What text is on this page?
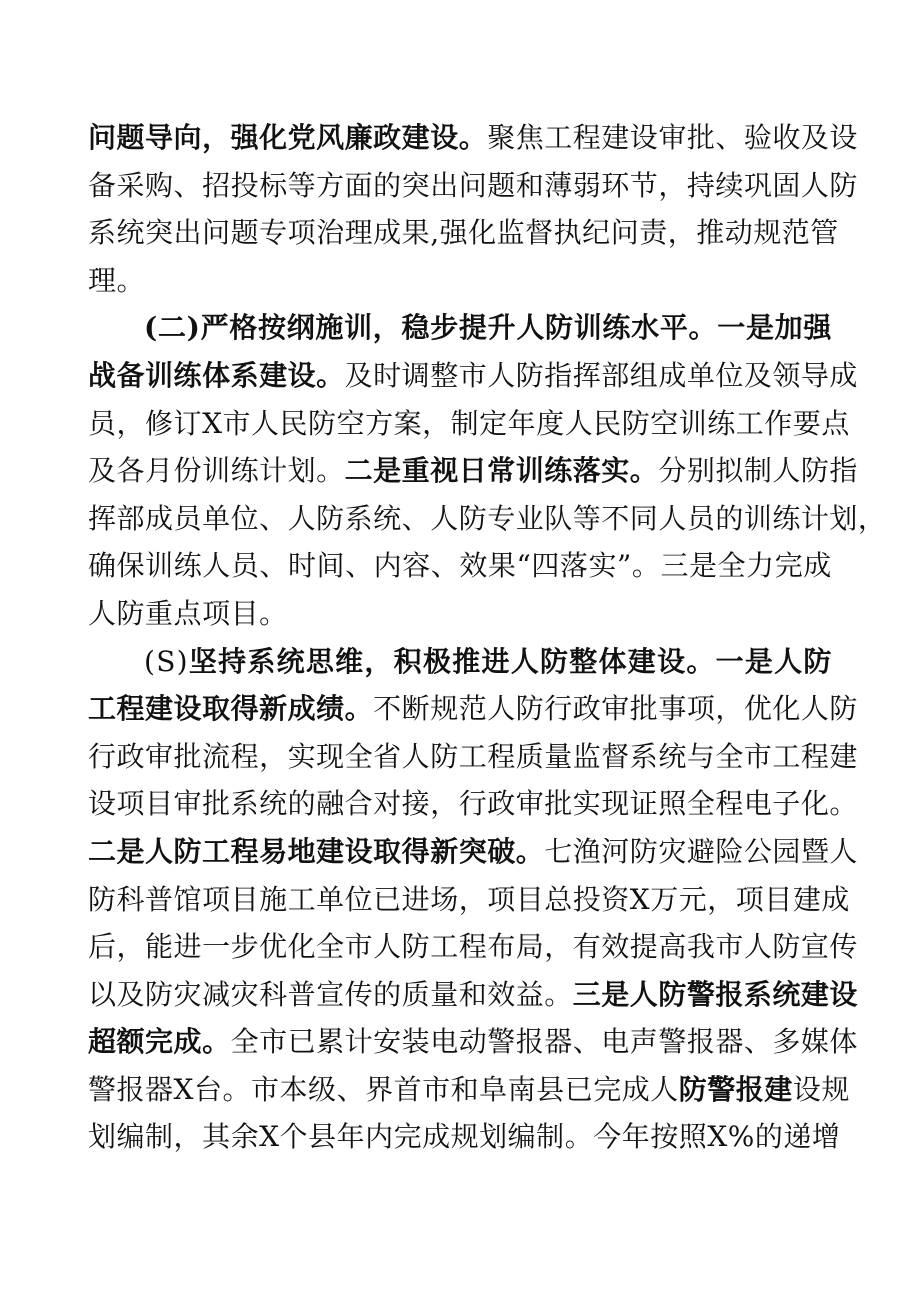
问 题 导 向 ， 强 化 党 风 廉 政 建 设 。 聚 焦 工 程 建 设 审 批 、 验 收 及 设
备 采 购 、 招 投 标 等 方 面 的 突 出 问 题 和 薄 弱 环 节 ， 持 续 巩 固 人 防
系 统 突 出 问 题 专 项 治 理 成 果 , 强 化 监 督 执 纪 问 责 ， 推 动 规 范 管
理 。
( 二 ) 严 格 按 纲 施 训 ， 稳 步 提 升 人 防 训 练 水 平 。 一 是 加 强
战 备 训 练 体 系 建 设 。 及 时 调 整 市 人 防 指 挥 部 组 成 单 位 及 领 导 成
员 ， 修 订 X 市 人 民 防 空 方 案 ， 制 定 年 度 人 民 防 空 训 练 工 作 要 点
及 各 月 份 训 练 计 划 。 二 是 重 视 日 常 训 练 落 实 。 分 别 拟 制 人 防 指
挥 部 成 员 单 位 、 人 防 系 统 、 人 防 专 业 队 等 不 同 人 员 的 训 练 计 划 ，
确 保 训 练 人 员 、 时 间 、 内 容 、 效 果 “ 四 落 实 ” 。 三 是 全 力 完 成
人 防 重 点 项 目 。
( S ) 坚 持 系 统 思 维 ， 积 极 推 进 人 防 整 体 建 设 。 一 是 人 防
工 程 建 设 取 得 新 成 绩 。 不 断 规 范 人 防 行 政 审 批 事 项 ， 优 化 人 防
行 政 审 批 流 程 ， 实 现 全 省 人 防 工 程 质 量 监 督 系 统 与 全 市 工 程 建
设 项 目 审 批 系 统 的 融 合 对 接 ， 行 政 审 批 实 现 证 照 全 程 电 子 化 。
二 是 人 防 工 程 易 地 建 设 取 得 新 突 破 。 七 渔 河 防 灾 避 险 公 园 暨 人
防 科 普 馆 项 目 施 工 单 位 已 进 场 ， 项 目 总 投 资 X 万 元 ， 项 目 建 成
后 ， 能 进 一 步 优 化 全 市 人 防 工 程 布 局 ， 有 效 提 高 我 市 人 防 宣 传
以 及 防 灾 减 灾 科 普 宣 传 的 质 量 和 效 益 。 三 是 人 防 警 报 系 统 建 设
超 额 完 成 。 全 市 已 累 计 安 装 电 动 警 报 器 、 电 声 警 报 器 、 多 媒 体
警 报 器 X 台 。 市 本 级 、 界 首 市 和 阜 南 县 已 完 成 人 防 警 报 建 设 规
划 编 制 ， 其 余 X 个 县 年 内 完 成 规 划 编 制 。 今 年 按 照 X % 的 递 增
